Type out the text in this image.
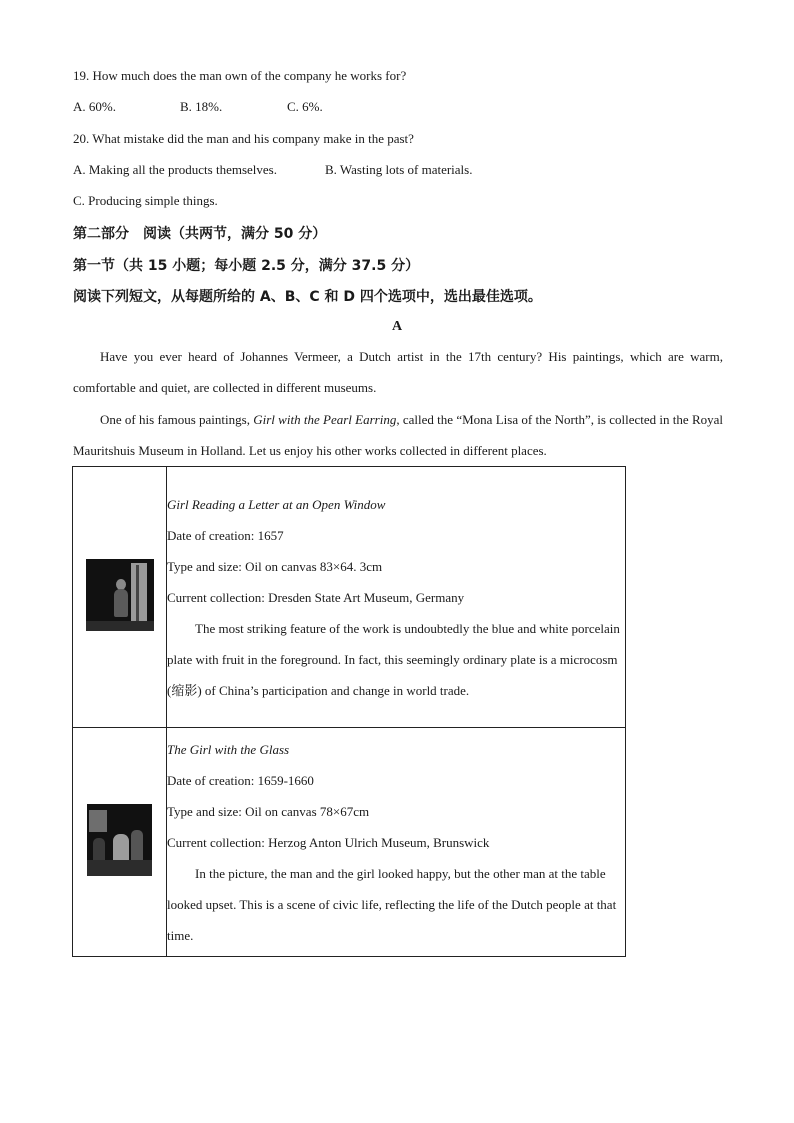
19. How much does the man own of the company he works for?
A. 60%.	B. 18%.	C. 6%.
20. What mistake did the man and his company make in the past?
A. Making all the products themselves.	B. Wasting lots of materials.
C. Producing simple things.
第二部分　阅读（共两节，满分 50 分）
第一节（共 15 小题；每小题 2.5 分，满分 37.5 分）
阅读下列短文，从每题所给的 A、B、C 和 D 四个选项中，选出最佳选项。
A
Have you ever heard of Johannes Vermeer, a Dutch artist in the 17th century? His paintings, which are warm, comfortable and quiet, are collected in different museums.
One of his famous paintings, Girl with the Pearl Earring, called the “Mona Lisa of the North”, is collected in the Royal Mauritshuis Museum in Holland. Let us enjoy his other works collected in different places.

	Girl Reading a Letter at an Open Window
Date of creation: 1657
Type and size: Oil on canvas 83×64. 3cm
Current collection: Dresden State Art Museum, Germany
The most striking feature of the work is undoubtedly the blue and white porcelain plate with fruit in the foreground. In fact, this seemingly ordinary plate is a microcosm (缩影) of China’s participation and change in world trade.

	The Girl with the Glass
Date of creation: 1659-1660
Type and size: Oil on canvas 78×67cm
Current collection: Herzog Anton Ulrich Museum, Brunswick
In the picture, the man and the girl looked happy, but the other man at the table looked upset. This is a scene of civic life, reflecting the life of the Dutch people at that time.
